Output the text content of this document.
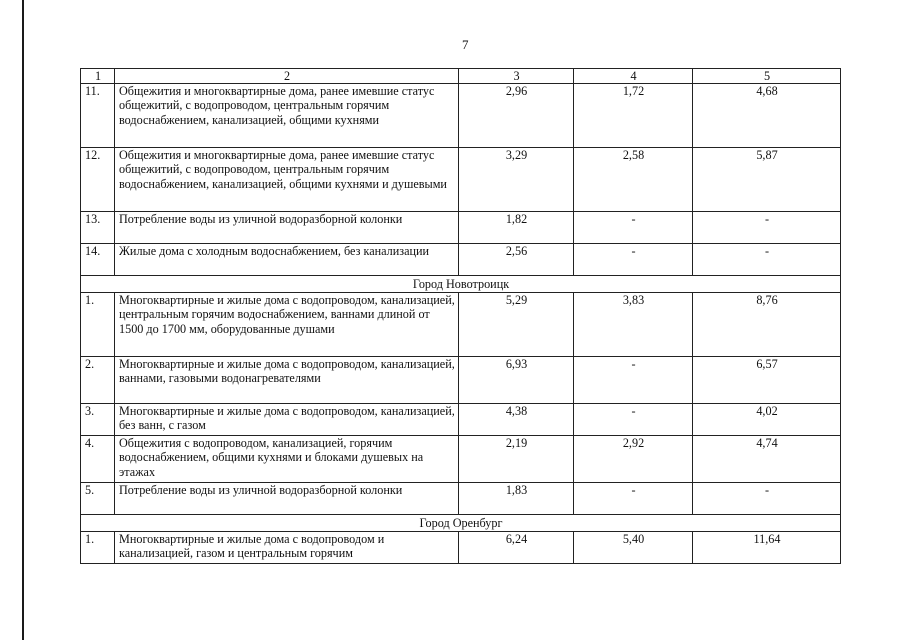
7
1	2	3	4	5
11.	Общежития и многоквартирные дома, ранее имевшие статус общежитий, с водопроводом, центральным горячим водоснабжением, канализацией, общими кухнями	2,96	1,72	4,68
12.	Общежития и многоквартирные дома, ранее имевшие статус общежитий, с водопроводом, центральным горячим водоснабжением, канализацией, общими кухнями и душевыми	3,29	2,58	5,87
13.	Потребление воды из уличной водоразборной колонки	1,82	-	-
14.	Жилые дома с холодным водоснабжением, без канализации	2,56	-	-
Город Новотроицк				
1.	Многоквартирные и жилые дома с водопроводом, канализацией, центральным горячим водоснабжением, ваннами длиной от 1500 до 1700 мм, оборудованные душами	5,29	3,83	8,76
2.	Многоквартирные и жилые дома с водопроводом, канализацией, ваннами, газовыми водонагревателями	6,93	-	6,57
3.	Многоквартирные и жилые дома с водопроводом, канализацией, без ванн, с газом	4,38	-	4,02
4.	Общежития с водопроводом, канализацией, горячим водоснабжением, общими кухнями и блоками душевых на этажах	2,19	2,92	4,74
5.	Потребление воды из уличной водоразборной колонки	1,83	-	-
Город Оренбург				
1.	Многоквартирные и жилые дома с водопроводом и канализацией, газом и центральным горячим	6,24	5,40	11,64
